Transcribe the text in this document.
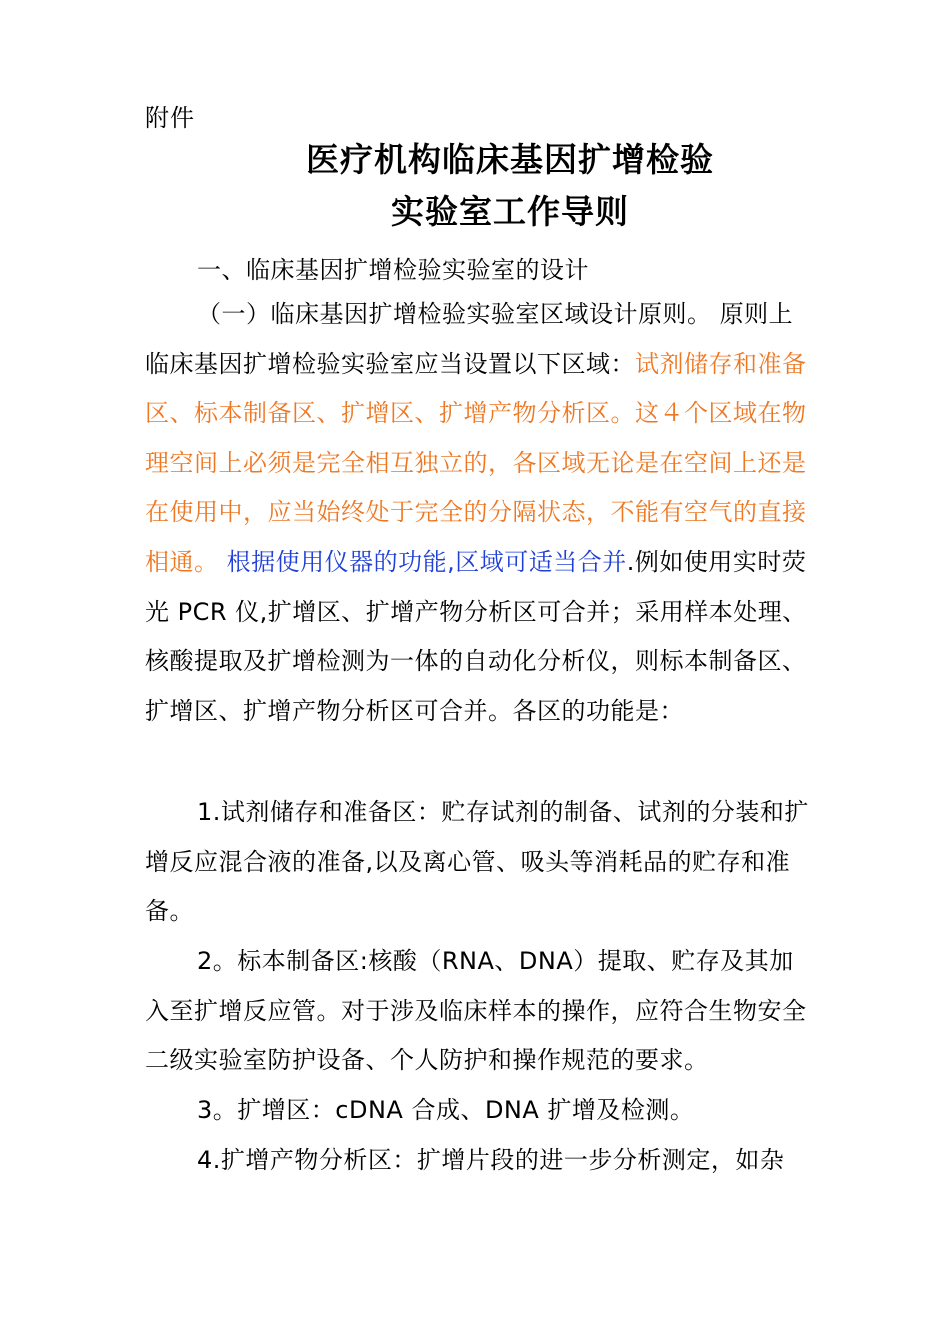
附件
医疗机构临床基因扩增检验
实验室工作导则
一、临床基因扩增检验实验室的设计
（一）临床基因扩增检验实验室区域设计原则。 原则上临床基因扩增检验实验室应当设置以下区域：试剂储存和准备区、标本制备区、扩增区、扩增产物分析区。这４个区域在物理空间上必须是完全相互独立的，各区域无论是在空间上还是在使用中，应当始终处于完全的分隔状态，不能有空气的直接相通。 根据使用仪器的功能,区域可适当合并.例如使用实时荧光 PCR 仪,扩增区、扩增产物分析区可合并；采用样本处理、核酸提取及扩增检测为一体的自动化分析仪，则标本制备区、扩增区、扩增产物分析区可合并。各区的功能是：
1.试剂储存和准备区：贮存试剂的制备、试剂的分装和扩增反应混合液的准备,以及离心管、吸头等消耗品的贮存和准备。
2。标本制备区:核酸（RNA、DNA）提取、贮存及其加入至扩增反应管。对于涉及临床样本的操作，应符合生物安全二级实验室防护设备、个人防护和操作规范的要求。
3。扩增区：cDNA 合成、DNA 扩增及检测。
4.扩增产物分析区：扩增片段的进一步分析测定，如杂
